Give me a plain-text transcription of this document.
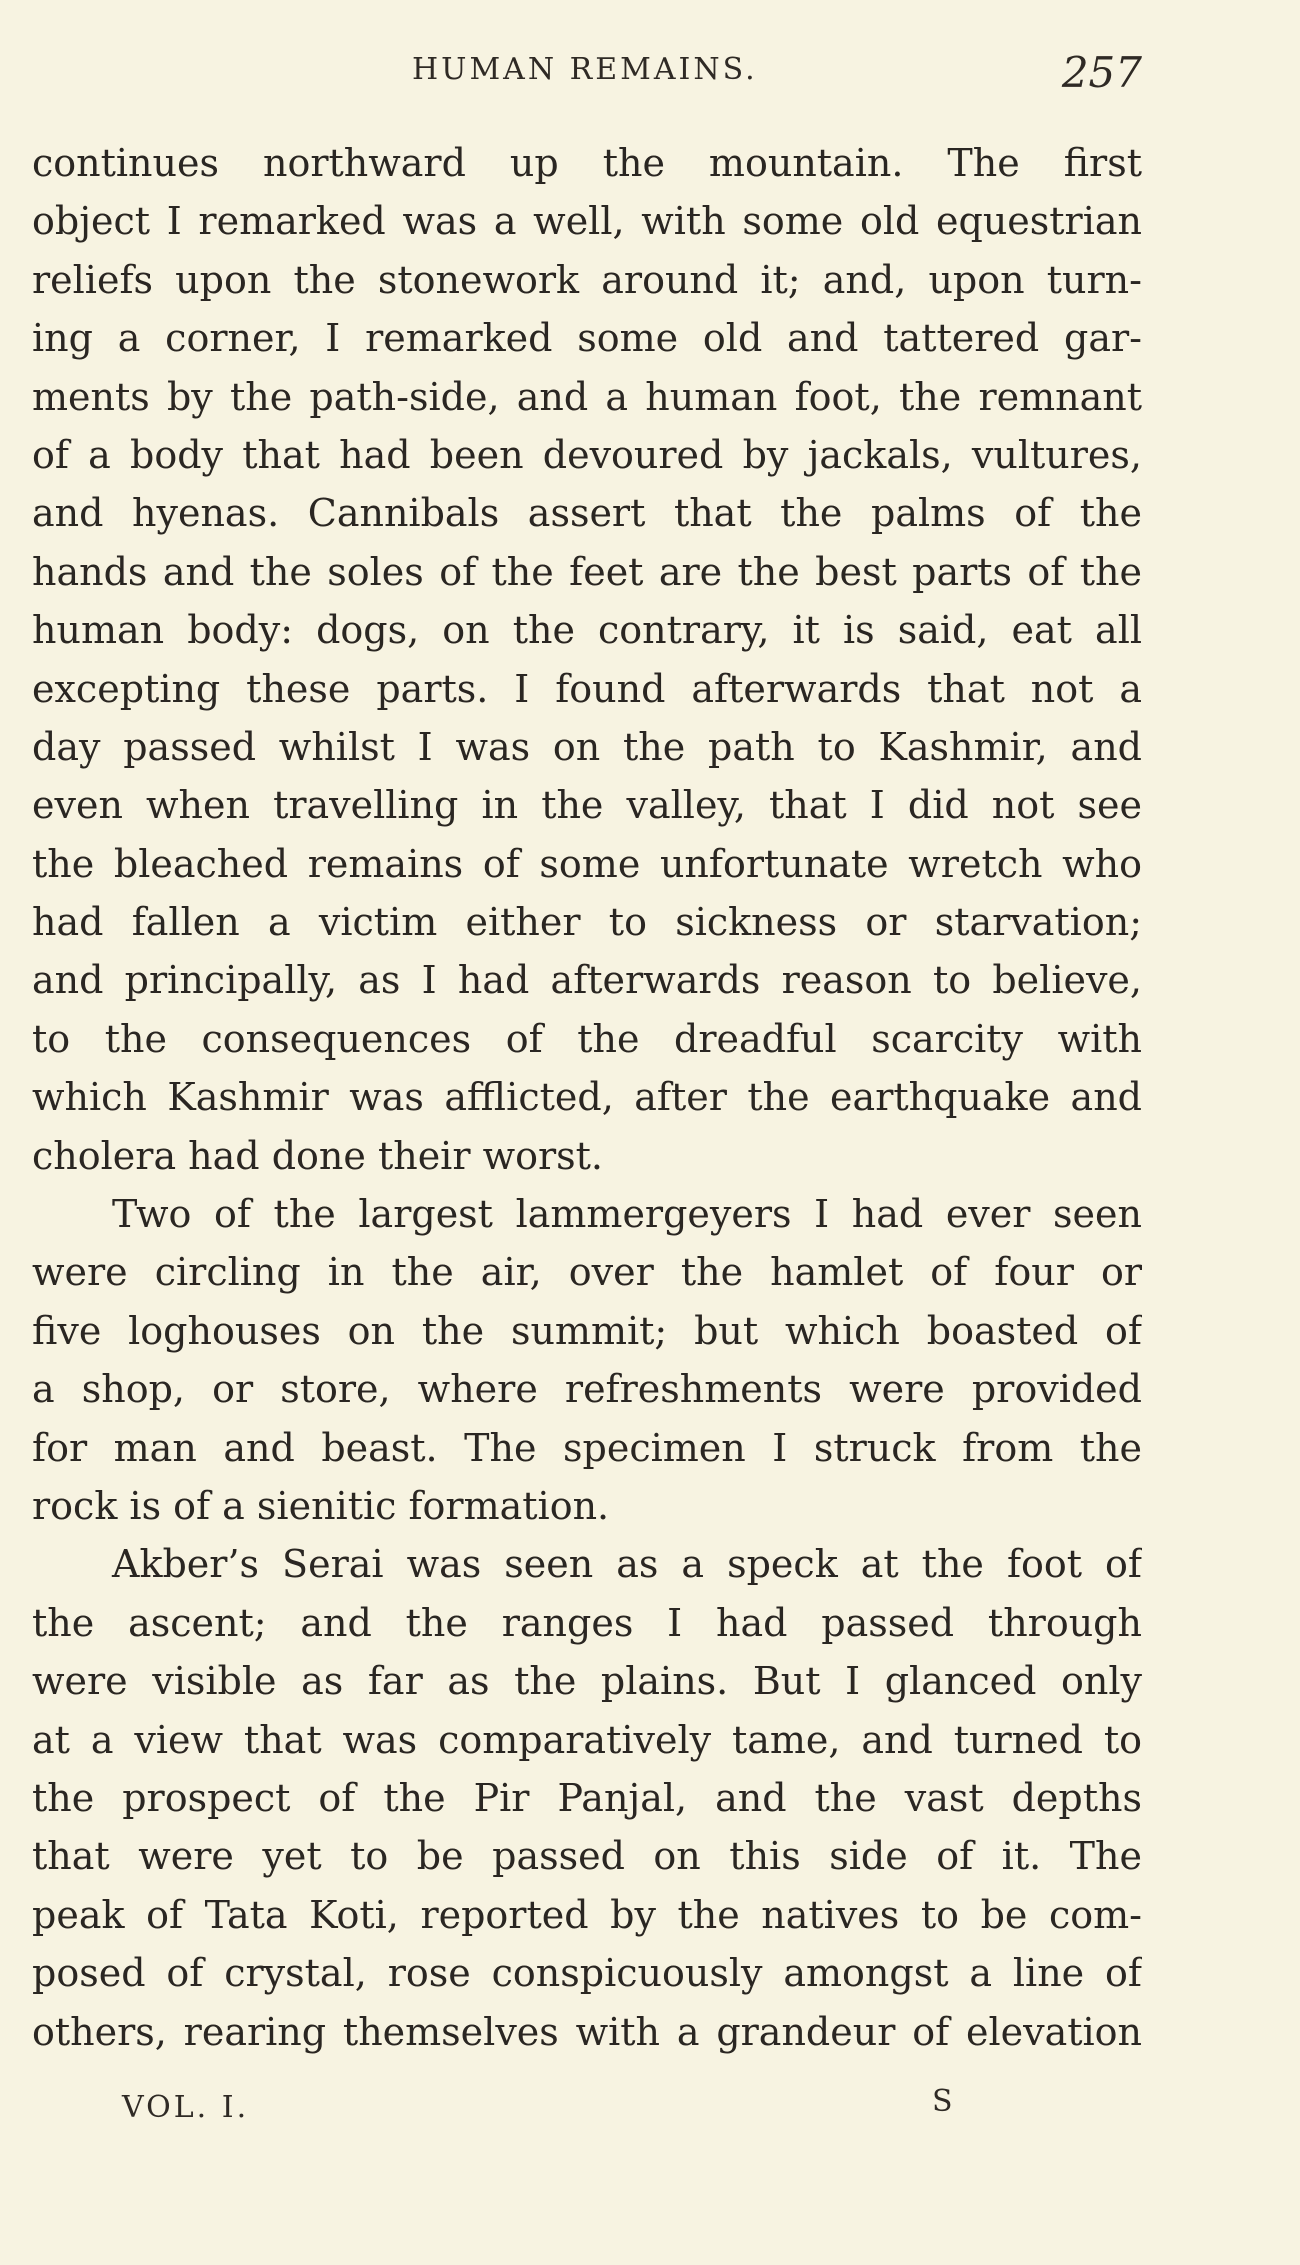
HUMAN REMAINS.	257
continues northward up the mountain. The first
object I remarked was a well, with some old equestrian
reliefs upon the stonework around it; and, upon turn-
ing a corner, I remarked some old and tattered gar-
ments by the path-side, and a human foot, the remnant
of a body that had been devoured by jackals, vultures,
and hyenas. Cannibals assert that the palms of the
hands and the soles of the feet are the best parts of the
human body: dogs, on the contrary, it is said, eat all
excepting these parts. I found afterwards that not a
day passed whilst I was on the path to Kashmir, and
even when travelling in the valley, that I did not see
the bleached remains of some unfortunate wretch who
had fallen a victim either to sickness or starvation;
and principally, as I had afterwards reason to believe,
to the consequences of the dreadful scarcity with
which Kashmir was afflicted, after the earthquake and
cholera had done their worst.
Two of the largest lammergeyers I had ever seen
were circling in the air, over the hamlet of four or
five loghouses on the summit; but which boasted of
a shop, or store, where refreshments were provided
for man and beast. The specimen I struck from the
rock is of a sienitic formation.
Akber’s Serai was seen as a speck at the foot of
the ascent; and the ranges I had passed through
were visible as far as the plains. But I glanced only
at a view that was comparatively tame, and turned to
the prospect of the Pir Panjal, and the vast depths
that were yet to be passed on this side of it. The
peak of Tata Koti, reported by the natives to be com-
posed of crystal, rose conspicuously amongst a line of
others, rearing themselves with a grandeur of elevation
VOL. I.	S
